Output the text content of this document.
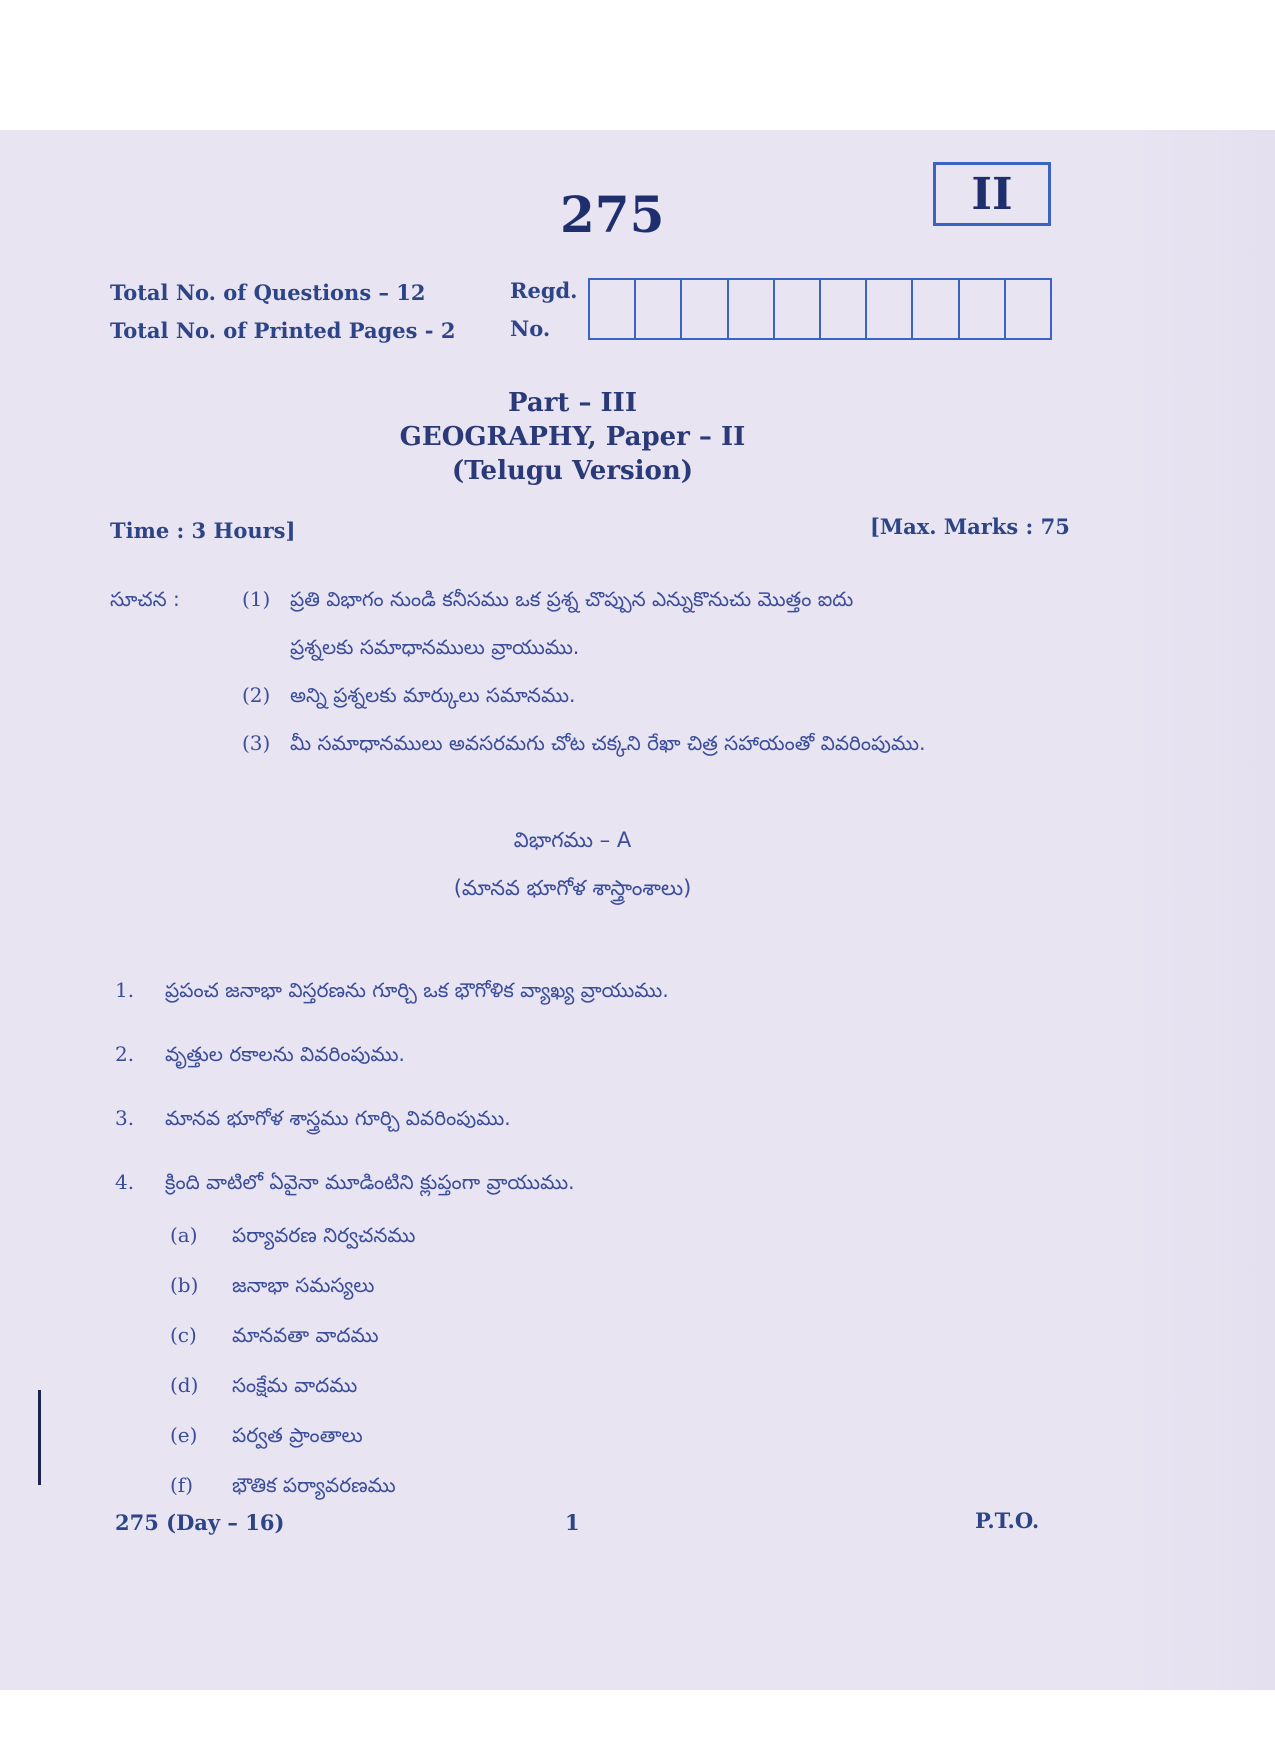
275	II
Total No. of Questions – 12
Total No. of Printed Pages - 2
Regd.
No.
Part – III
GEOGRAPHY, Paper – II
(Telugu Version)
Time : 3 Hours]	[Max. Marks : 75
సూచన :	(1) ప్రతి విభాగం నుండి కనీసము ఒక ప్రశ్న చొప్పున ఎన్నుకొనుచు మొత్తం ఐదు
ప్రశ్నలకు సమాధానములు వ్రాయుము.
(2) అన్ని ప్రశ్నలకు మార్కులు సమానము.
(3) మీ సమాధానములు అవసరమగు చోట చక్కని రేఖా చిత్ర సహాయంతో వివరింపుము.
విభాగము – A
(మానవ భూగోళ శాస్త్రాంశాలు)
1. ప్రపంచ జనాభా విస్తరణను గూర్చి ఒక భౌగోళిక వ్యాఖ్య వ్రాయుము.
2. వృత్తుల రకాలను వివరింపుము.
3. మానవ భూగోళ శాస్త్రము గూర్చి వివరింపుము.
4. క్రింది వాటిలో ఏవైనా మూడింటిని క్లుప్తంగా వ్రాయుము.
(a) పర్యావరణ నిర్వచనము
(b) జనాభా సమస్యలు
(c) మానవతా వాదము
(d) సంక్షేమ వాదము
(e) పర్వత ప్రాంతాలు
(f) భౌతిక పర్యావరణము
275 (Day – 16)	1	P.T.O.
